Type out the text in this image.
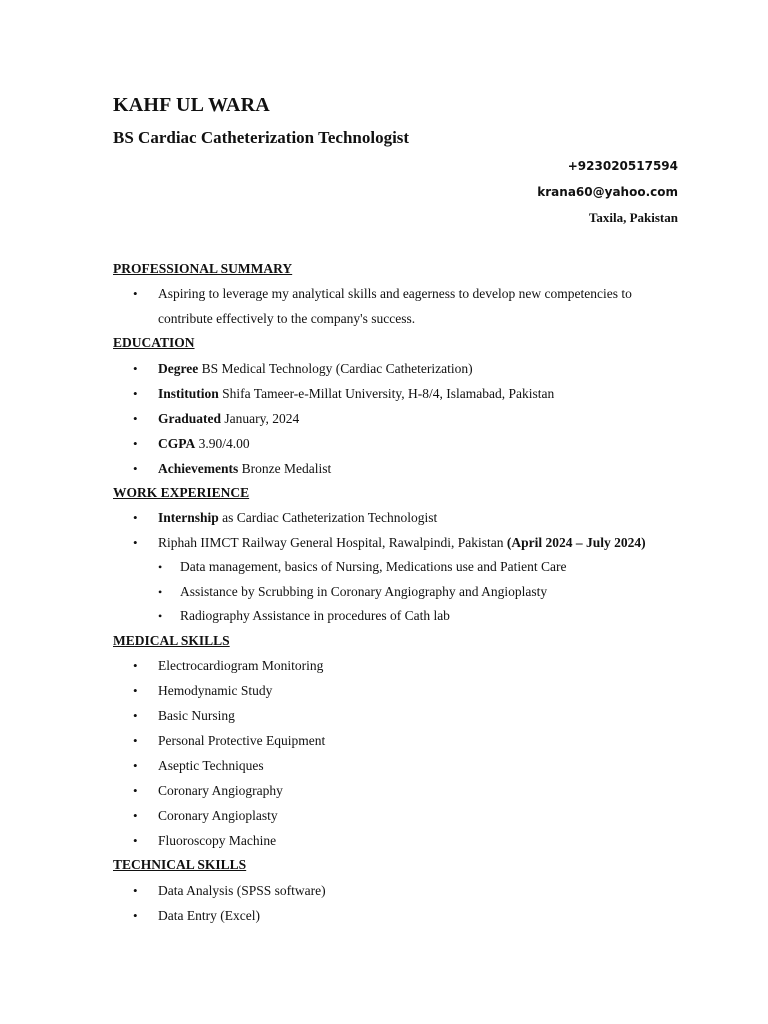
KAHF UL WARA
BS Cardiac Catheterization Technologist
+923020517594
krana60@yahoo.com
Taxila, Pakistan
PROFESSIONAL SUMMARY
• Aspiring to leverage my analytical skills and eagerness to develop new competencies to contribute effectively to the company's success.
EDUCATION
• Degree BS Medical Technology (Cardiac Catheterization)
• Institution Shifa Tameer-e-Millat University, H-8/4, Islamabad, Pakistan
• Graduated January, 2024
• CGPA 3.90/4.00
• Achievements Bronze Medalist
WORK EXPERIENCE
• Internship as Cardiac Catheterization Technologist
• Riphah IIMCT Railway General Hospital, Rawalpindi, Pakistan (April 2024 – July 2024)
• Data management, basics of Nursing, Medications use and Patient Care
• Assistance by Scrubbing in Coronary Angiography and Angioplasty
• Radiography Assistance in procedures of Cath lab
MEDICAL SKILLS
• Electrocardiogram Monitoring
• Hemodynamic Study
• Basic Nursing
• Personal Protective Equipment
• Aseptic Techniques
• Coronary Angiography
• Coronary Angioplasty
• Fluoroscopy Machine
TECHNICAL SKILLS
• Data Analysis (SPSS software)
• Data Entry (Excel)
